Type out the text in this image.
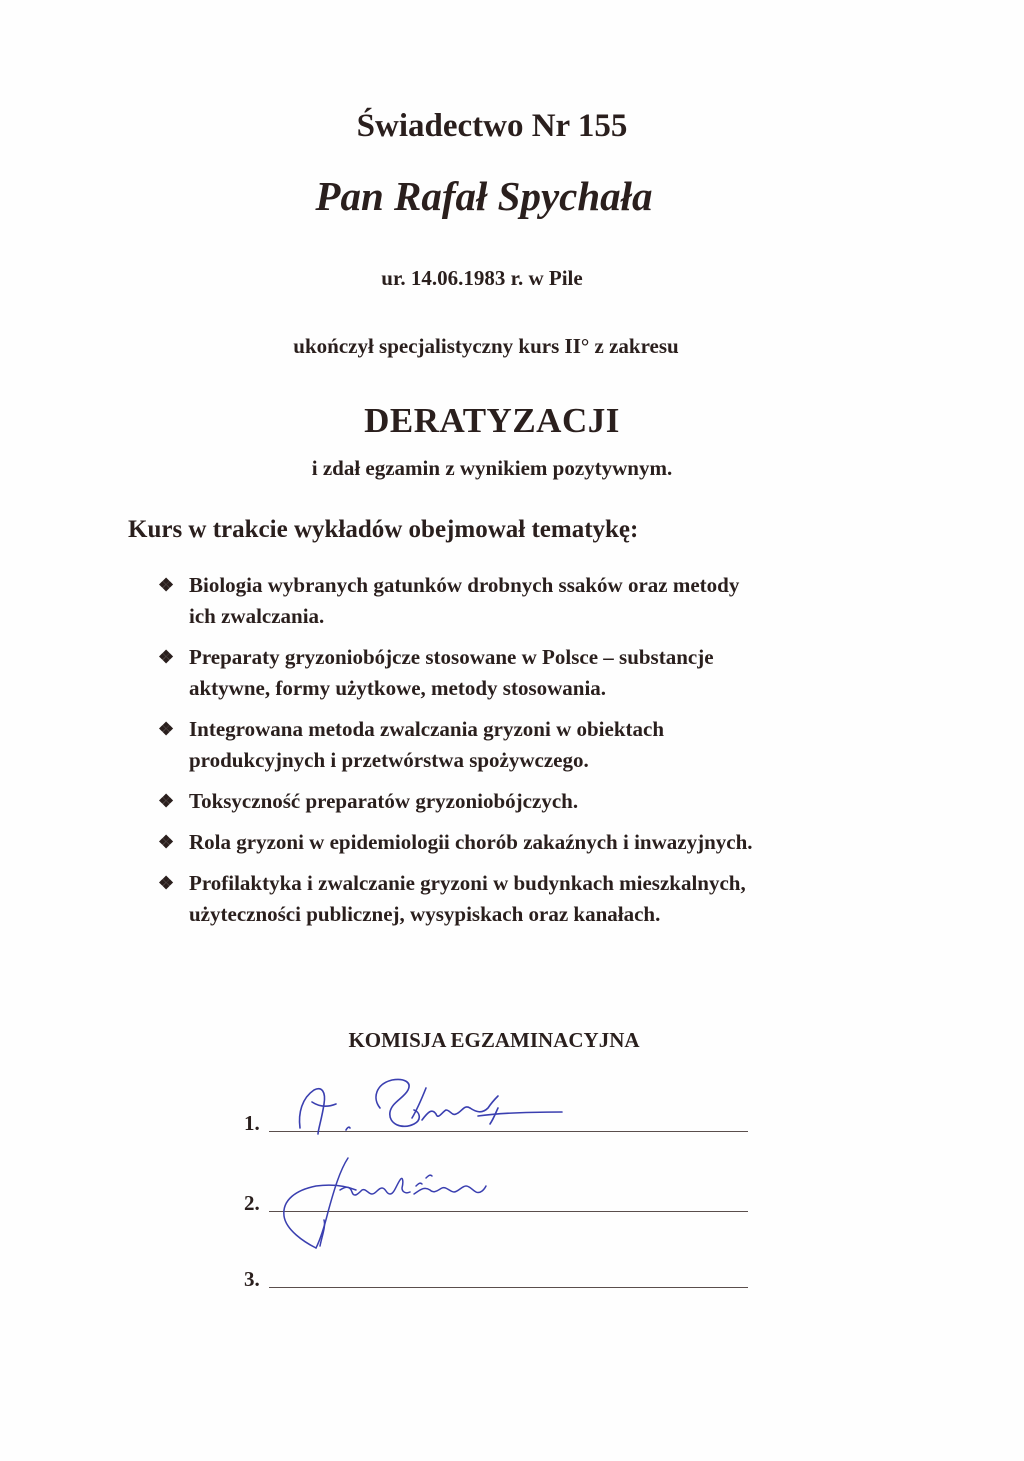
Świadectwo Nr 155
Pan Rafał Spychała
ur. 14.06.1983 r. w Pile
ukończył specjalistyczny kurs II° z zakresu
DERATYZACJI
i zdał egzamin z wynikiem pozytywnym.
Kurs w trakcie wykładów obejmował tematykę:
❖ Biologia wybranych gatunków drobnych ssaków oraz metody
ich zwalczania.
❖ Preparaty gryzoniobójcze stosowane w Polsce – substancje
aktywne, formy użytkowe, metody stosowania.
❖ Integrowana metoda zwalczania gryzoni w obiektach
produkcyjnych i przetwórstwa spożywczego.
❖ Toksyczność preparatów gryzoniobójczych.
❖ Rola gryzoni w epidemiologii chorób zakaźnych i inwazyjnych.
❖ Profilaktyka i zwalczanie gryzoni w budynkach mieszkalnych,
użyteczności publicznej, wysypiskach oraz kanałach.
KOMISJA EGZAMINACYJNA
1.
2.
3.
